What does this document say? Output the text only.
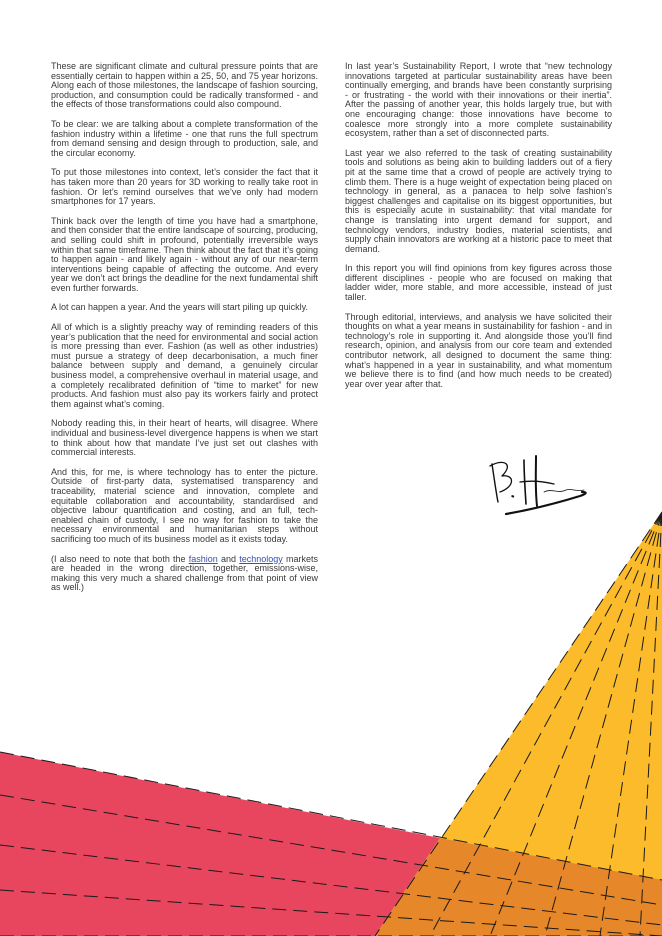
These are significant climate and cultural pressure points that are essentially certain to happen within a 25, 50, and 75 year horizons. Along each of those milestones, the landscape of fashion sourcing, production, and consumption could be radically transformed - and the effects of those transformations could also compound.

To be clear: we are talking about a complete transformation of the fashion industry within a lifetime - one that runs the full spectrum from demand sensing and design through to production, sale, and the circular economy.

To put those milestones into context, let’s consider the fact that it has taken more than 20 years for 3D working to really take root in fashion. Or let’s remind ourselves that we’ve only had modern smartphones for 17 years.

Think back over the length of time you have had a smartphone, and then consider that the entire landscape of sourcing, producing, and selling could shift in profound, potentially irreversible ways within that same timeframe. Then think about the fact that it’s going to happen again - and likely again - without any of our near-term interventions being capable of affecting the outcome. And every year we don’t act brings the deadline for the next fundamental shift even further forwards.

A lot can happen a year. And the years will start piling up quickly.

All of which is a slightly preachy way of reminding readers of this year’s publication that the need for environmental and social action is more pressing than ever. Fashion (as well as other industries) must pursue a strategy of deep decarbonisation, a much finer balance between supply and demand, a genuinely circular business model, a comprehensive overhaul in material usage, and a completely recalibrated definition of “time to market” for new products. And fashion must also pay its workers fairly and protect them against what’s coming.

Nobody reading this, in their heart of hearts, will disagree. Where individual and business-level divergence happens is when we start to think about how that mandate I’ve just set out clashes with commercial interests.

And this, for me, is where technology has to enter the picture. Outside of first-party data, systematised transparency and traceability, material science and innovation, complete and equitable collaboration and accountability, standardised and objective labour quantification and costing, and an full, tech-enabled chain of custody, I see no way for fashion to take the necessary environmental and humanitarian steps without sacrificing too much of its business model as it exists today.

(I also need to note that both the fashion and technology markets are headed in the wrong direction, together, emissions-wise, making this very much a shared challenge from that point of view as well.)

In last year’s Sustainability Report, I wrote that “new technology innovations targeted at particular sustainability areas have been continually emerging, and brands have been constantly surprising - or frustrating - the world with their innovations or their inertia”. After the passing of another year, this holds largely true, but with one encouraging change: those innovations have become to coalesce more strongly into a more complete sustainability ecosystem, rather than a set of disconnected parts.

Last year we also referred to the task of creating sustainability tools and solutions as being akin to building ladders out of a fiery pit at the same time that a crowd of people are actively trying to climb them. There is a huge weight of expectation being placed on technology in general, as a panacea to help solve fashion’s biggest challenges and capitalise on its biggest opportunities, but this is especially acute in sustainability: that vital mandate for change is translating into urgent demand for support, and technology vendors, industry bodies, material scientists, and supply chain innovators are working at a historic pace to meet that demand.

In this report you will find opinions from key figures across those different disciplines - people who are focused on making that ladder wider, more stable, and more accessible, instead of just taller.

Through editorial, interviews, and analysis we have solicited their thoughts on what a year means in sustainability for fashion - and in technology’s role in supporting it. And alongside those you’ll find research, opinion, and analysis from our core team and extended contributor network, all designed to document the same thing: what’s happened in a year in sustainability, and what momentum we believe there is to find (and how much needs to be created) year over year after that.
